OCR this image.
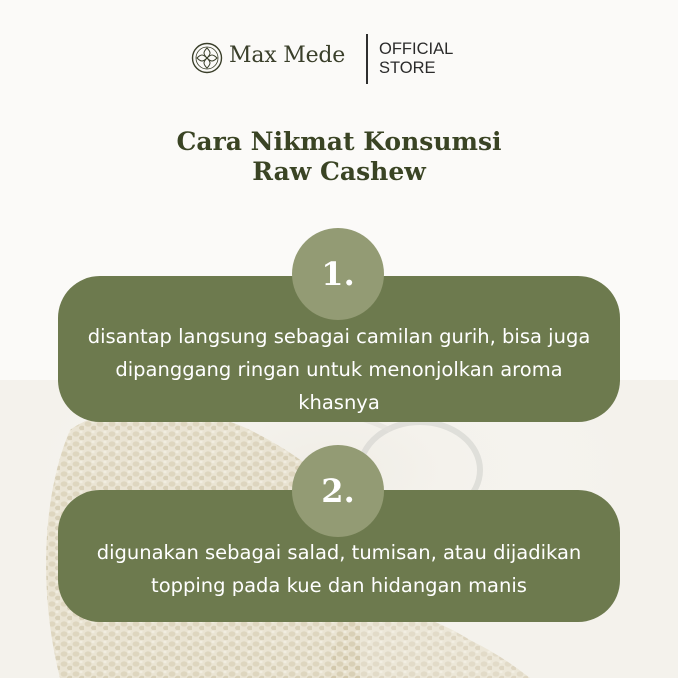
Max Mede OFFICIAL
STORE
Cara Nikmat Konsumsi
Raw Cashew
disantap langsung sebagai camilan gurih, bisa juga dipanggang ringan untuk menonjolkan aroma khasnya
1.
digunakan sebagai salad, tumisan, atau dijadikan topping pada kue dan hidangan manis
2.
